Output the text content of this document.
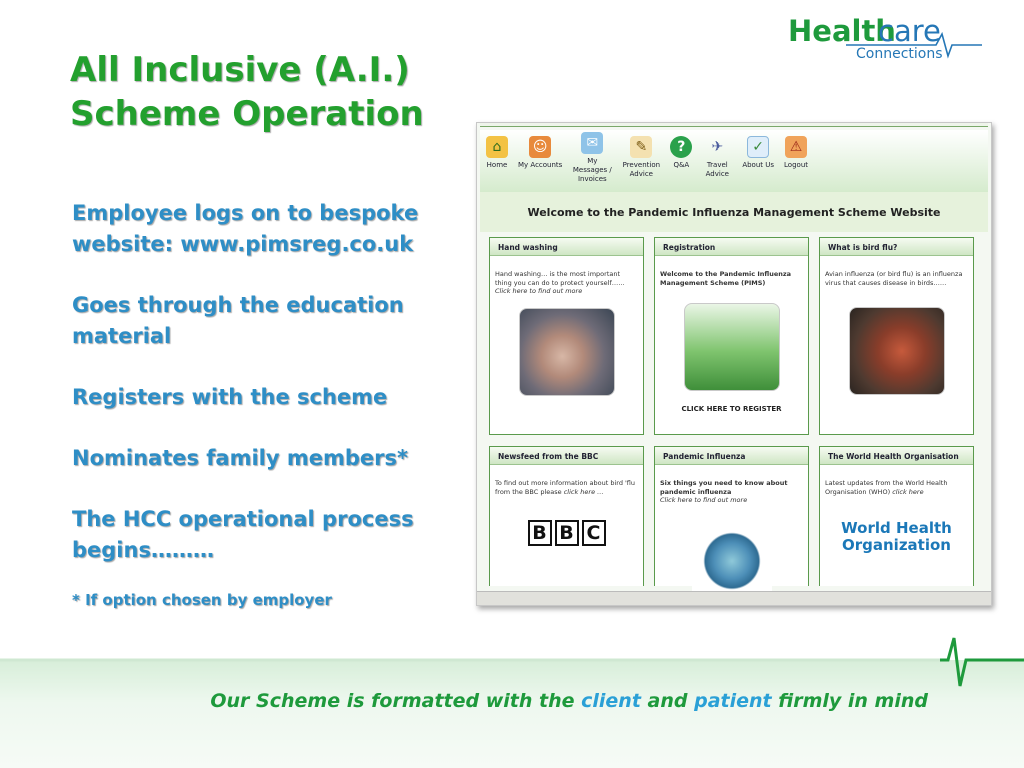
All Inclusive (A.I.)
Scheme Operation
Health
care
Connections
Employee logs on to bespoke website: www.pimsreg.co.uk
Goes through the education material
Registers with the scheme
Nominates family members*
The HCC operational process begins………
* If option chosen by employer
⌂
Home
☺
My Accounts
✉
My Messages / Invoices
✎
Prevention Advice
?
Q&A
✈
Travel Advice
✓
About Us
⚠
Logout
Welcome to the Pandemic Influenza Management Scheme Website
Hand washing
Hand washing… is the most important thing you can do to protect yourself……
Click here to find out more
Registration
Welcome to the Pandemic Influenza Management Scheme (PIMS)
CLICK HERE TO REGISTER
What is bird flu?
Avian influenza (or bird flu) is an influenza virus that causes disease in birds……
Newsfeed from the BBC
To find out more information about bird 'flu from the BBC please click here …
B B C
Pandemic Influenza
Six things you need to know about pandemic influenza
Click here to find out more
The World Health Organisation
Latest updates from the World Health Organisation (WHO) click here
World Health
Organization
Our Scheme is formatted with the client and patient firmly in mind
